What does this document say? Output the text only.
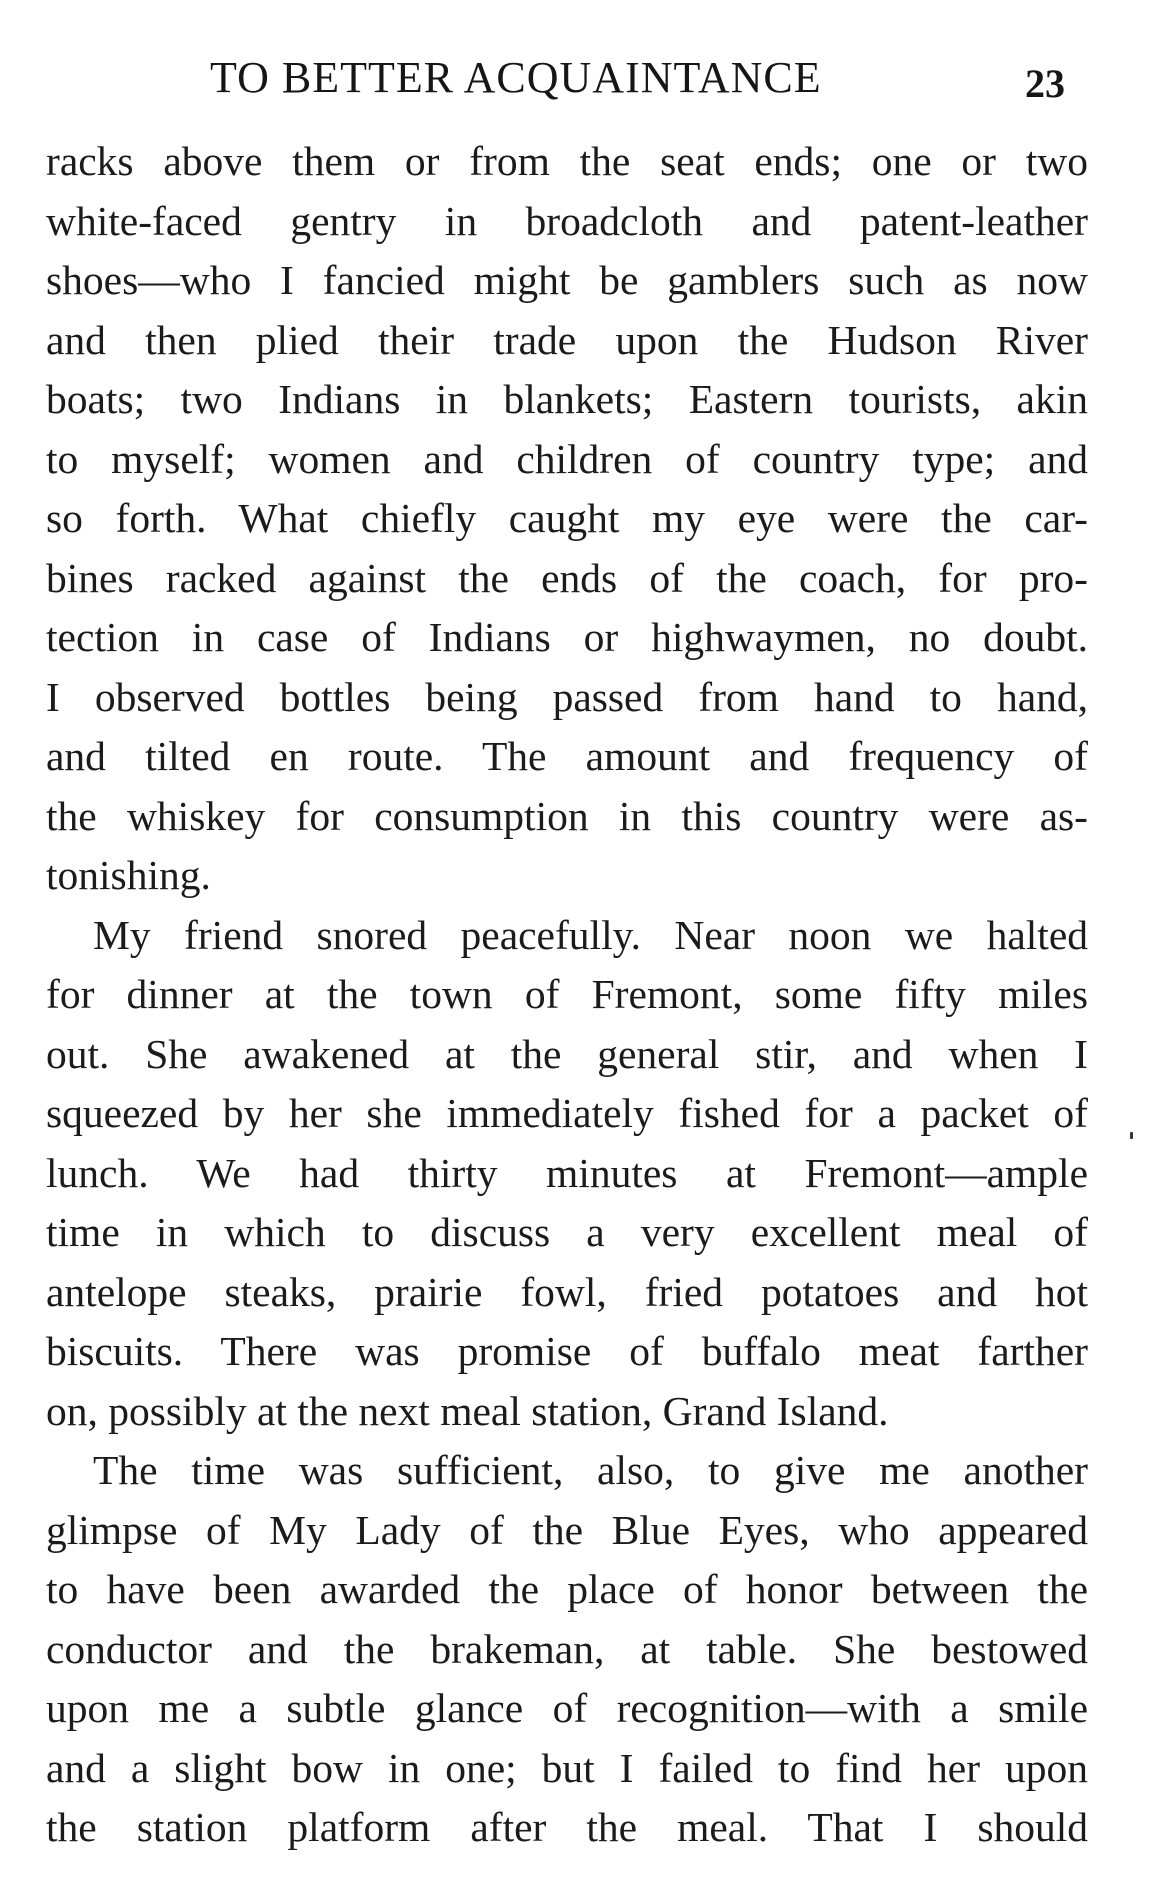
TO BETTER ACQUAINTANCE	23
racks above them or from the seat ends; one or two
white-faced gentry in broadcloth and patent-leather
shoes—who I fancied might be gamblers such as now
and then plied their trade upon the Hudson River
boats; two Indians in blankets; Eastern tourists, akin
to myself; women and children of country type; and
so forth. What chiefly caught my eye were the car-
bines racked against the ends of the coach, for pro-
tection in case of Indians or highwaymen, no doubt.
I observed bottles being passed from hand to hand,
and tilted en route. The amount and frequency of
the whiskey for consumption in this country were as-
tonishing.
My friend snored peacefully. Near noon we halted
for dinner at the town of Fremont, some fifty miles
out. She awakened at the general stir, and when I
squeezed by her she immediately fished for a packet of
lunch. We had thirty minutes at Fremont—ample
time in which to discuss a very excellent meal of
antelope steaks, prairie fowl, fried potatoes and hot
biscuits. There was promise of buffalo meat farther
on, possibly at the next meal station, Grand Island.
The time was sufficient, also, to give me another
glimpse of My Lady of the Blue Eyes, who appeared
to have been awarded the place of honor between the
conductor and the brakeman, at table. She bestowed
upon me a subtle glance of recognition—with a smile
and a slight bow in one; but I failed to find her upon
the station platform after the meal. That I should
